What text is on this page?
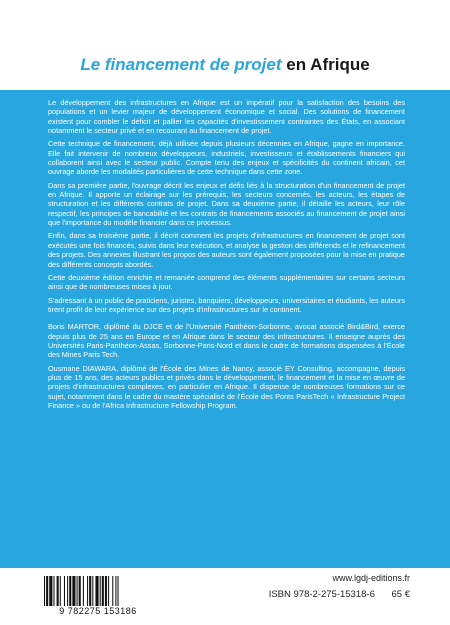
Le financement de projet en Afrique

Le développement des infrastructures en Afrique est un impératif pour la satisfaction des besoins des populations et un levier majeur de développement économique et social. Des solutions de financement existent pour combler le déficit et pallier les capacités d'investissement contraintes des États, en associant notamment le secteur privé et en recourant au financement de projet.

Cette technique de financement, déjà utilisée depuis plusieurs décennies en Afrique, gagne en importance. Elle fait intervenir de nombreux développeurs, industriels, investisseurs et établissements financiers qui collaborent ainsi avec le secteur public. Compte tenu des enjeux et spécificités du continent africain, cet ouvrage aborde les modalités particulières de cette technique dans cette zone.

Dans sa première partie, l'ouvrage décrit les enjeux et défis liés à la structuration d'un financement de projet en Afrique. Il apporte un éclairage sur les prérequis, les secteurs concernés, les acteurs, les étapes de structuration et les différents contrats de projet. Dans sa deuxième partie, il détaille les acteurs, leur rôle respectif, les principes de bancabilité et les contrats de financements associés au financement de projet ainsi que l'importance du modèle financier dans ce processus.

Enfin, dans sa troisième partie, il décrit comment les projets d'infrastructures en financement de projet sont exécutés une fois financés, suivis dans leur exécution, et analyse la gestion des différends et le refinancement des projets. Des annexes illustrant les propos des auteurs sont également proposées pour la mise en pratique des différents concepts abordés.

Cette deuxième édition enrichie et remaniée comprend des éléments supplémentaires sur certains secteurs ainsi que de nombreuses mises à jour.

S'adressant à un public de praticiens, juristes, banquiers, développeurs, universitaires et étudiants, les auteurs tirent profit de leur expérience sur des projets d'infrastructures sur le continent.

Boris MARTOR, diplômé du DJCE et de l'Université Panthéon-Sorbonne, avocat associé Bird&Bird, exerce depuis plus de 25 ans en Europe et en Afrique dans le secteur des infrastructures. Il enseigne auprès des Universités Paris-Panthéon-Assas, Sorbonne-Paris-Nord et dans le cadre de formations dispensées à l'École des Mines Paris Tech.

Ousmane DIAWARA, diplômé de l'École des Mines de Nancy, associé EY Consulting, accompagne, depuis plus de 15 ans, des acteurs publics et privés dans le développement, le financement et la mise en œuvre de projets d'infrastructures complexes, en particulier en Afrique. Il dispense de nombreuses formations sur ce sujet, notamment dans le cadre du mastère spécialisé de l'École des Ponts ParisTech « Infrastructure Project Finance » ou de l'Africa Infrastructure Fellowship Program.

9 782275 153186
www.lgdj-editions.fr
ISBN 978-2-275-15318-6 65 €
